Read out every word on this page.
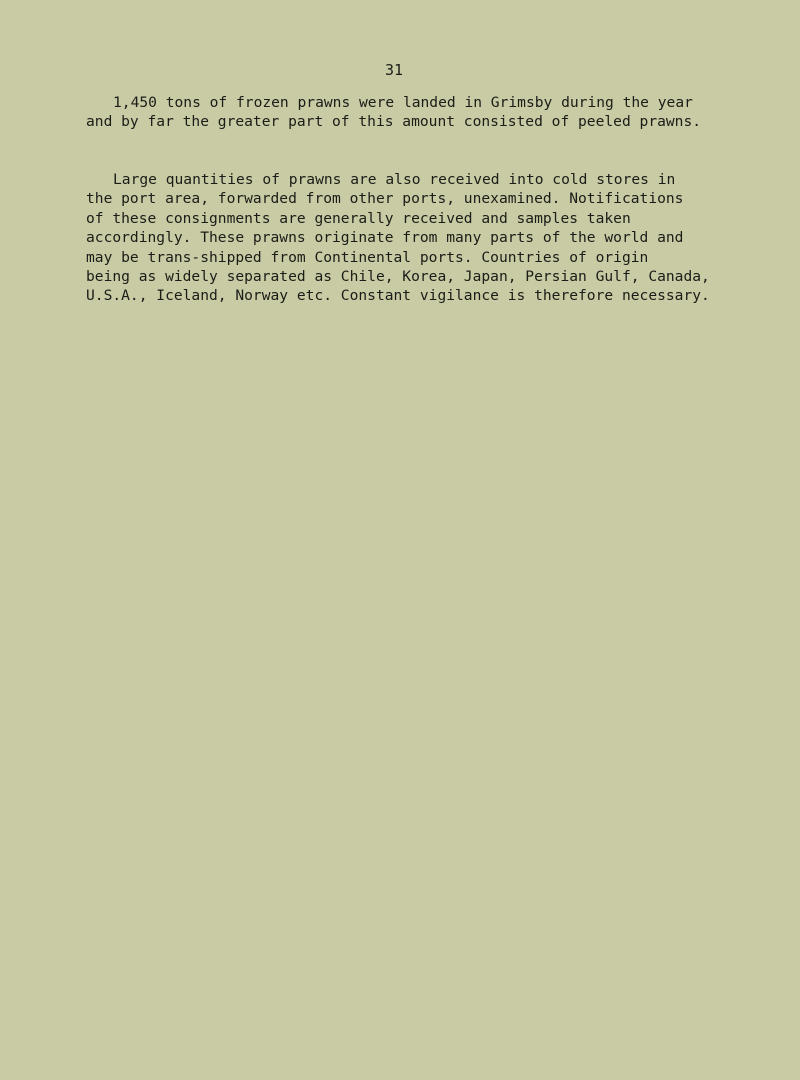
31
1,450 tons of frozen prawns were landed in Grimsby during the year
and by far the greater part of this amount consisted of peeled prawns.
Large quantities of prawns are also received into cold stores in
the port area, forwarded from other ports, unexamined. Notifications
of these consignments are generally received and samples taken
accordingly. These prawns originate from many parts of the world and
may be trans-shipped from Continental ports. Countries of origin
being as widely separated as Chile, Korea, Japan, Persian Gulf, Canada,
U.S.A., Iceland, Norway etc. Constant vigilance is therefore necessary.
